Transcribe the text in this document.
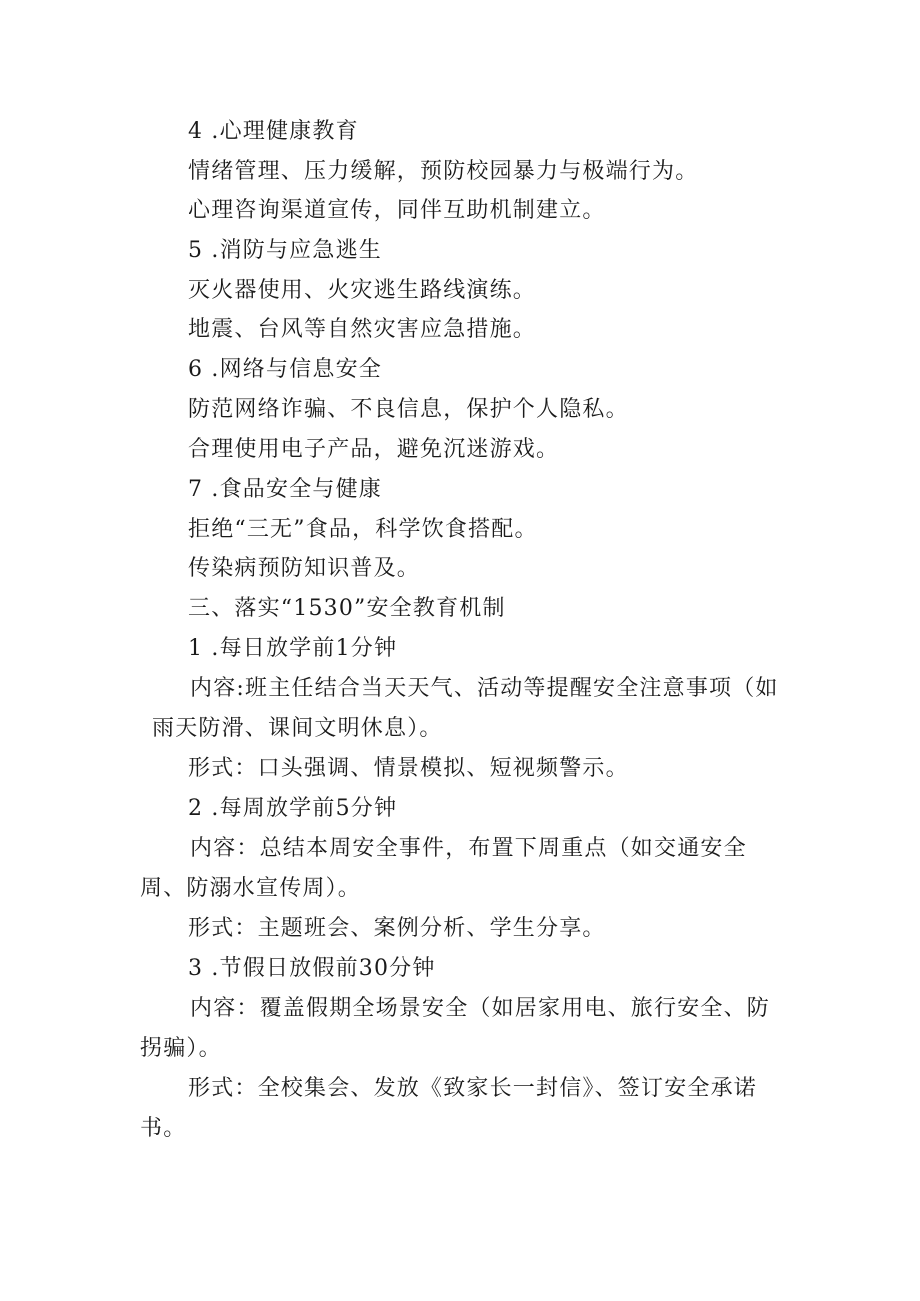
4 .心理健康教育
情绪管理、压力缓解，预防校园暴力与极端行为。
心理咨询渠道宣传，同伴互助机制建立。
5 .消防与应急逃生
灭火器使用、火灾逃生路线演练。
地震、台风等自然灾害应急措施。
6 .网络与信息安全
防范网络诈骗、不良信息，保护个人隐私。
合理使用电子产品，避免沉迷游戏。
7 .食品安全与健康
拒绝“三无”食品，科学饮食搭配。
传染病预防知识普及。
三、落实“1530”安全教育机制
1 .每日放学前1分钟
内容:班主任结合当天天气、活动等提醒安全注意事项（如
雨天防滑、课间文明休息）。
形式：口头强调、情景模拟、短视频警示。
2 .每周放学前5分钟
内容：总结本周安全事件，布置下周重点（如交通安全
周、防溺水宣传周）。
形式：主题班会、案例分析、学生分享。
3 .节假日放假前30分钟
内容：覆盖假期全场景安全（如居家用电、旅行安全、防
拐骗）。
形式：全校集会、发放《致家长一封信》、签订安全承诺
书。
